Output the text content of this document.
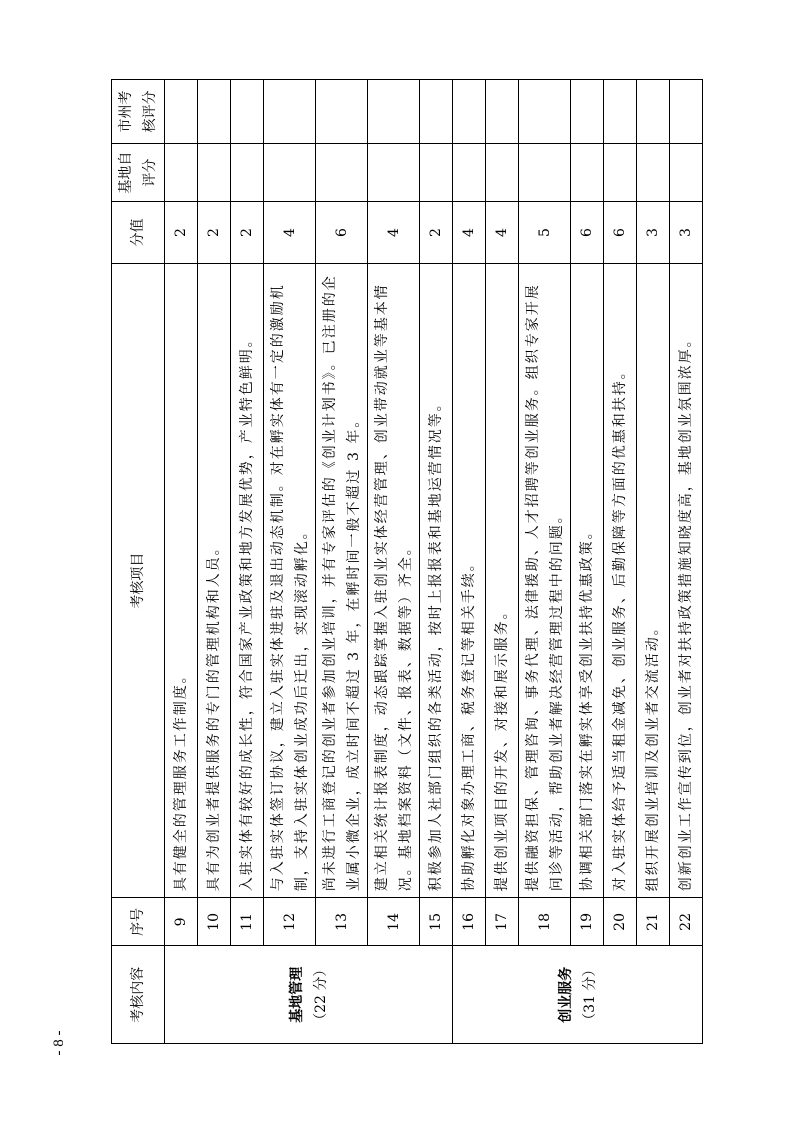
- 8 -
考核内容	序号	考核项目	分值	基地自评分	市州考核评分

基地管理 （22 分）	9	具有健全的管理服务工作制度。	2		
	10	具有为创业者提供服务的专门的管理机构和人员。	2		
	11	入驻实体有较好的成长性，符合国家产业政策和地方发展优势，产业特色鲜明。	2		
	12	与入驻实体签订协议，建立入驻实体进驻及退出动态机制。对在孵实体有一定的激励机制，支持入驻实体创业成功后迁出，实现滚动孵化。	4		
	13	尚未进行工商登记的创业者参加创业培训，并有专家评估的《创业计划书》。已注册的企业属小微企业，成立时间不超过 3 年，在孵时间一般不超过 3 年。	6		
	14	建立相关统计报表制度，动态跟踪掌握入驻创业实体经营管理、创业带动就业等基本情况。基地档案资料（文件、报表、数据等）齐全。	4		
	15	积极参加人社部门组织的各类活动，按时上报报表和基地运营情况等。	2		

创业服务 （31 分）	16	协助孵化对象办理工商、税务登记等相关手续。	4		
	17	提供创业项目的开发、对接和展示服务。	4		
	18	提供融资担保、管理咨询、事务代理、法律援助、人才招聘等创业服务。组织专家开展问诊等活动，帮助创业者解决经营管理过程中的问题。	5		
	19	协调相关部门落实在孵实体享受创业扶持优惠政策。	6		
	20	对入驻实体给予适当租金减免、创业服务、后勤保障等方面的优惠和扶持。	6		
	21	组织开展创业培训及创业者交流活动。	3		
	22	创新创业工作宣传到位，创业者对扶持政策措施知晓度高，基地创业氛围浓厚。	3		
